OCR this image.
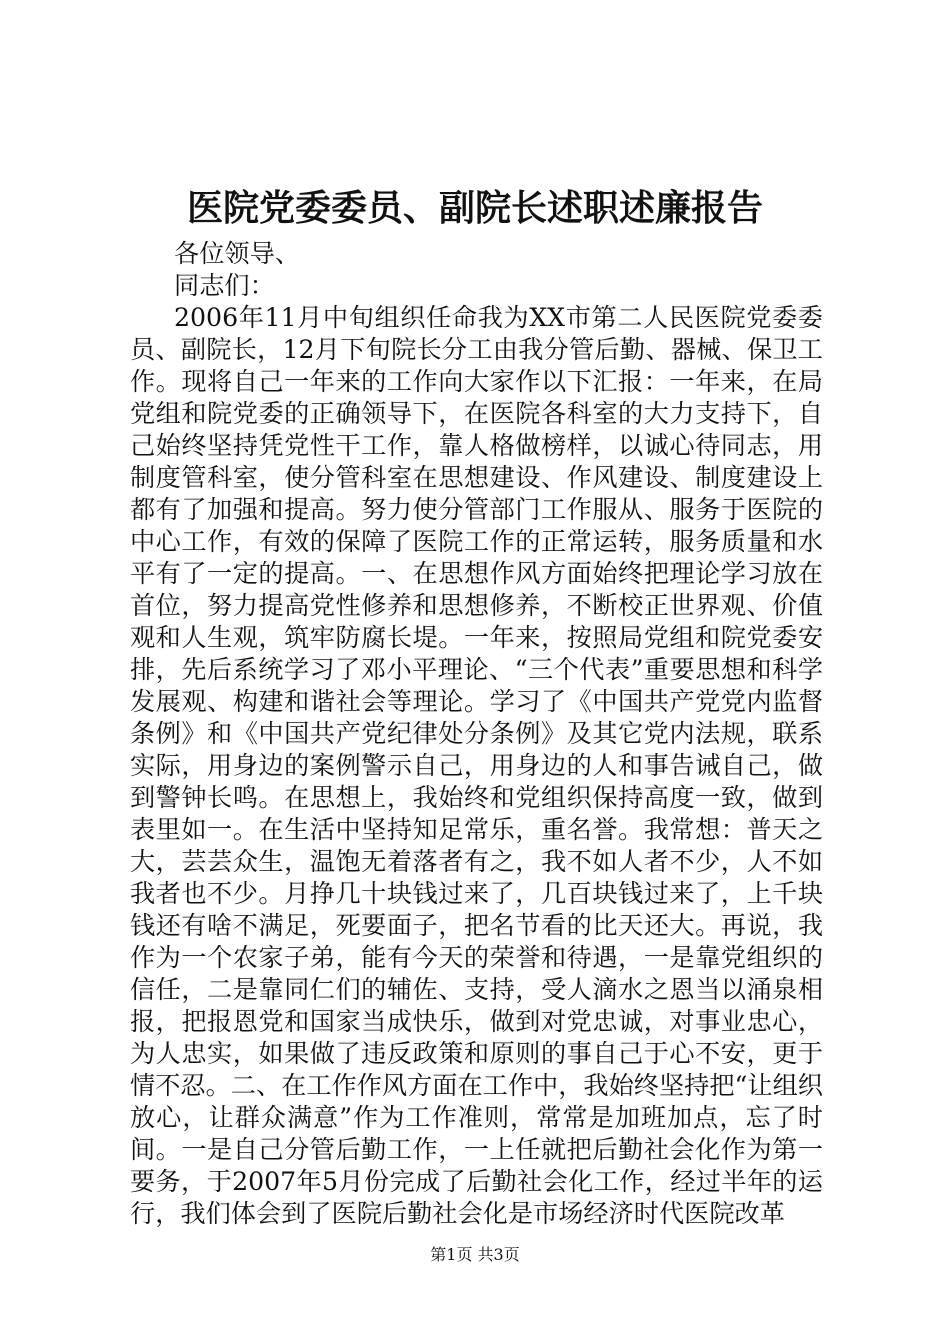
医院党委委员、副院长述职述廉报告

各位领导、

同志们：

2006年11月中旬组织任命我为XX市第二人民医院党委委员、副院长，12月下旬院长分工由我分管后勤、器械、保卫工作。现将自己一年来的工作向大家作以下汇报：一年来，在局党组和院党委的正确领导下，在医院各科室的大力支持下，自己始终坚持凭党性干工作，靠人格做榜样，以诚心待同志，用制度管科室，使分管科室在思想建设、作风建设、制度建设上都有了加强和提高。努力使分管部门工作服从、服务于医院的中心工作，有效的保障了医院工作的正常运转，服务质量和水平有了一定的提高。一、在思想作风方面始终把理论学习放在首位，努力提高党性修养和思想修养，不断校正世界观、价值观和人生观，筑牢防腐长堤。一年来，按照局党组和院党委安排，先后系统学习了邓小平理论、“三个代表”重要思想和科学发展观、构建和谐社会等理论。学习了《中国共产党党内监督条例》和《中国共产党纪律处分条例》及其它党内法规，联系实际，用身边的案例警示自己，用身边的人和事告诫自己，做到警钟长鸣。在思想上，我始终和党组织保持高度一致，做到表里如一。在生活中坚持知足常乐，重名誉。我常想：普天之大，芸芸众生，温饱无着落者有之，我不如人者不少，人不如我者也不少。月挣几十块钱过来了，几百块钱过来了，上千块钱还有啥不满足，死要面子，把名节看的比天还大。再说，我作为一个农家子弟，能有今天的荣誉和待遇，一是靠党组织的信任，二是靠同仁们的辅佐、支持，受人滴水之恩当以涌泉相报，把报恩党和国家当成快乐，做到对党忠诚，对事业忠心，为人忠实，如果做了违反政策和原则的事自己于心不安，更于情不忍。二、在工作作风方面在工作中，我始终坚持把“让组织放心，让群众满意”作为工作准则，常常是加班加点，忘了时间。一是自己分管后勤工作，一上任就把后勤社会化作为第一要务，于2007年5月份完成了后勤社会化工作，经过半年的运行，我们体会到了医院后勤社会化是市场经济时代医院改革

第1页 共3页
